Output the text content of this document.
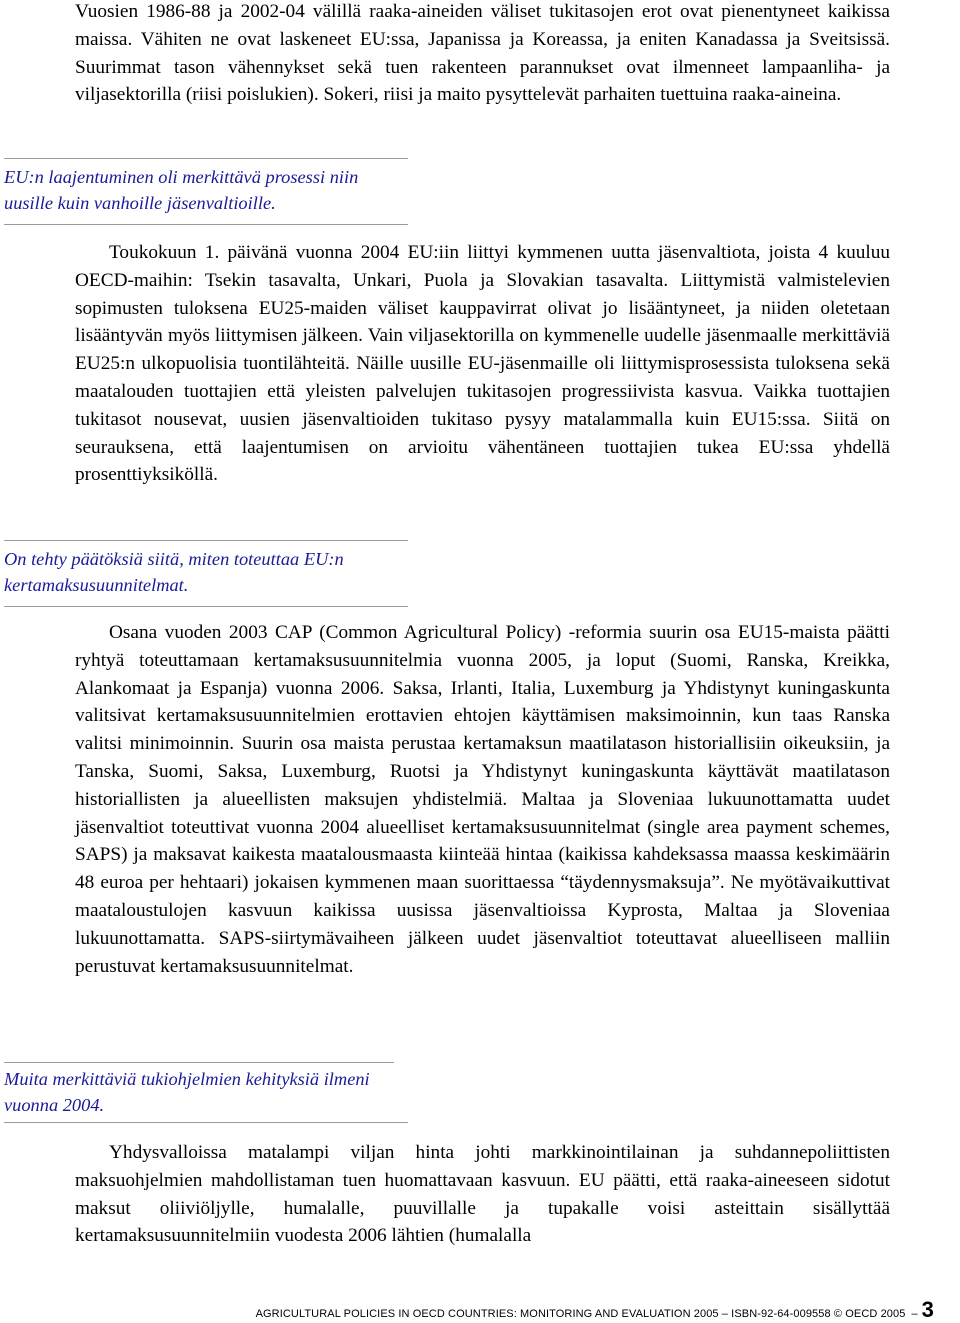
Vuosien 1986-88 ja 2002-04 välillä raaka-aineiden väliset tukitasojen erot ovat pienentyneet kaikissa maissa. Vähiten ne ovat laskeneet EU:ssa, Japanissa ja Koreassa, ja eniten Kanadassa ja Sveitsissä. Suurimmat tason vähennykset sekä tuen rakenteen parannukset ovat ilmenneet lampaanliha- ja viljasektorilla (riisi poislukien). Sokeri, riisi ja maito pysyttelevät parhaiten tuettuina raaka-aineina.

EU:n laajentuminen oli merkittävä prosessi niin uusille kuin vanhoille jäsenvaltioille.

Toukokuun 1. päivänä vuonna 2004 EU:iin liittyi kymmenen uutta jäsenvaltiota, joista 4 kuuluu OECD-maihin: Tsekin tasavalta, Unkari, Puola ja Slovakian tasavalta. Liittymistä valmistelevien sopimusten tuloksena EU25-maiden väliset kauppavirrat olivat jo lisääntyneet, ja niiden oletetaan lisääntyvän myös liittymisen jälkeen. Vain viljasektorilla on kymmenelle uudelle jäsenmaalle merkittäviä EU25:n ulkopuolisia tuontilähteitä. Näille uusille EU-jäsenmaille oli liittymisprosessista tuloksena sekä maatalouden tuottajien että yleisten palvelujen tukitasojen progressiivista kasvua. Vaikka tuottajien tukitasot nousevat, uusien jäsenvaltioiden tukitaso pysyy matalammalla kuin EU15:ssa. Siitä on seurauksena, että laajentumisen on arvioitu vähentäneen tuottajien tukea EU:ssa yhdellä prosenttiyksiköllä.

On tehty päätöksiä siitä, miten toteuttaa EU:n kertamaksusuunnitelmat.

Osana vuoden 2003 CAP (Common Agricultural Policy) -reformia suurin osa EU15-maista päätti ryhtyä toteuttamaan kertamaksusuunnitelmia vuonna 2005, ja loput (Suomi, Ranska, Kreikka, Alankomaat ja Espanja) vuonna 2006. Saksa, Irlanti, Italia, Luxemburg ja Yhdistynyt kuningaskunta valitsivat kertamaksusuunnitelmien erottavien ehtojen käyttämisen maksimoinnin, kun taas Ranska valitsi minimoinnin. Suurin osa maista perustaa kertamaksun maatilatason historiallisiin oikeuksiin, ja Tanska, Suomi, Saksa, Luxemburg, Ruotsi ja Yhdistynyt kuningaskunta käyttävät maatilatason historiallisten ja alueellisten maksujen yhdistelmiä. Maltaa ja Sloveniaa lukuunottamatta uudet jäsenvaltiot toteuttivat vuonna 2004 alueelliset kertamaksusuunnitelmat (single area payment schemes, SAPS) ja maksavat kaikesta maatalousmaasta kiinteää hintaa (kaikissa kahdeksassa maassa keskimäärin 48 euroa per hehtaari) jokaisen kymmenen maan suorittaessa “täydennysmaksuja”. Ne myötävaikuttivat maataloustulojen kasvuun kaikissa uusissa jäsenvaltioissa Kyprosta, Maltaa ja Sloveniaa lukuunottamatta. SAPS-siirtymävaiheen jälkeen uudet jäsenvaltiot toteuttavat alueelliseen malliin perustuvat kertamaksusuunnitelmat.

Muita merkittäviä tukiohjelmien kehityksiä ilmeni vuonna 2004.

Yhdysvalloissa matalampi viljan hinta johti markkinointilainan ja suhdannepoliittisten maksuohjelmien mahdollistaman tuen huomattavaan kasvuun. EU päätti, että raaka-aineeseen sidotut maksut oliiviöljylle, humalalle, puuvillalle ja tupakalle voisi asteittain sisällyttää kertamaksusuunnitelmiin vuodesta 2006 lähtien (humalalla

AGRICULTURAL POLICIES IN OECD COUNTRIES: MONITORING AND EVALUATION 2005 – ISBN-92-64-009558 © OECD 2005 – 3
